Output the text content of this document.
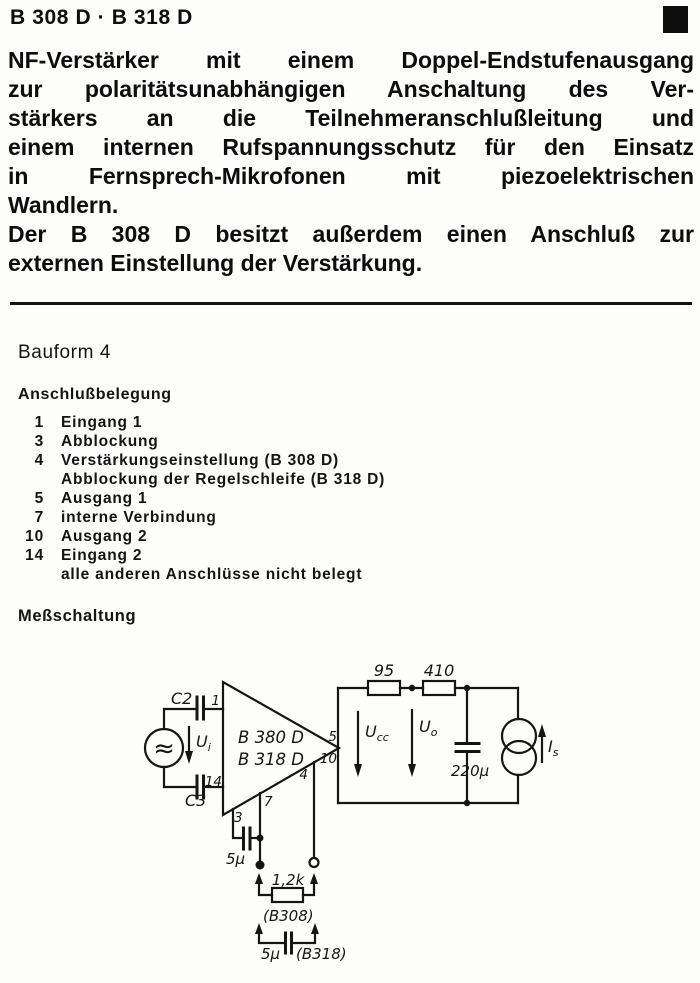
B 308 D · B 318 D
NF-Verstärker mit einem Doppel-Endstufenausgang
zur polaritätsunabhängigen Anschaltung des Ver-
stärkers an die Teilnehmeranschlußleitung und
einem internen Rufspannungsschutz für den Einsatz
in Fernsprech-Mikrofonen mit piezoelektrischen
Wandlern.
Der B 308 D besitzt außerdem einen Anschluß zur
externen Einstellung der Verstärkung.
Bauform 4
Anschlußbelegung
1 Eingang 1
3 Abblockung
4 Verstärkungseinstellung (B 308 D)
Abblockung der Regelschleife (B 318 D)
5 Ausgang 1
7 interne Verbindung
10 Ausgang 2
14 Eingang 2
alle anderen Anschlüsse nicht belegt
Meßschaltung
≈
C2 1
C3
14
$U_i$
B 380 D
B 318 D
5
10
3
5µ
7
4
95 410
$U_{cc}$
$U_o$
220µ
$I_s$
1,2k
(B308)
5µ (B318)
